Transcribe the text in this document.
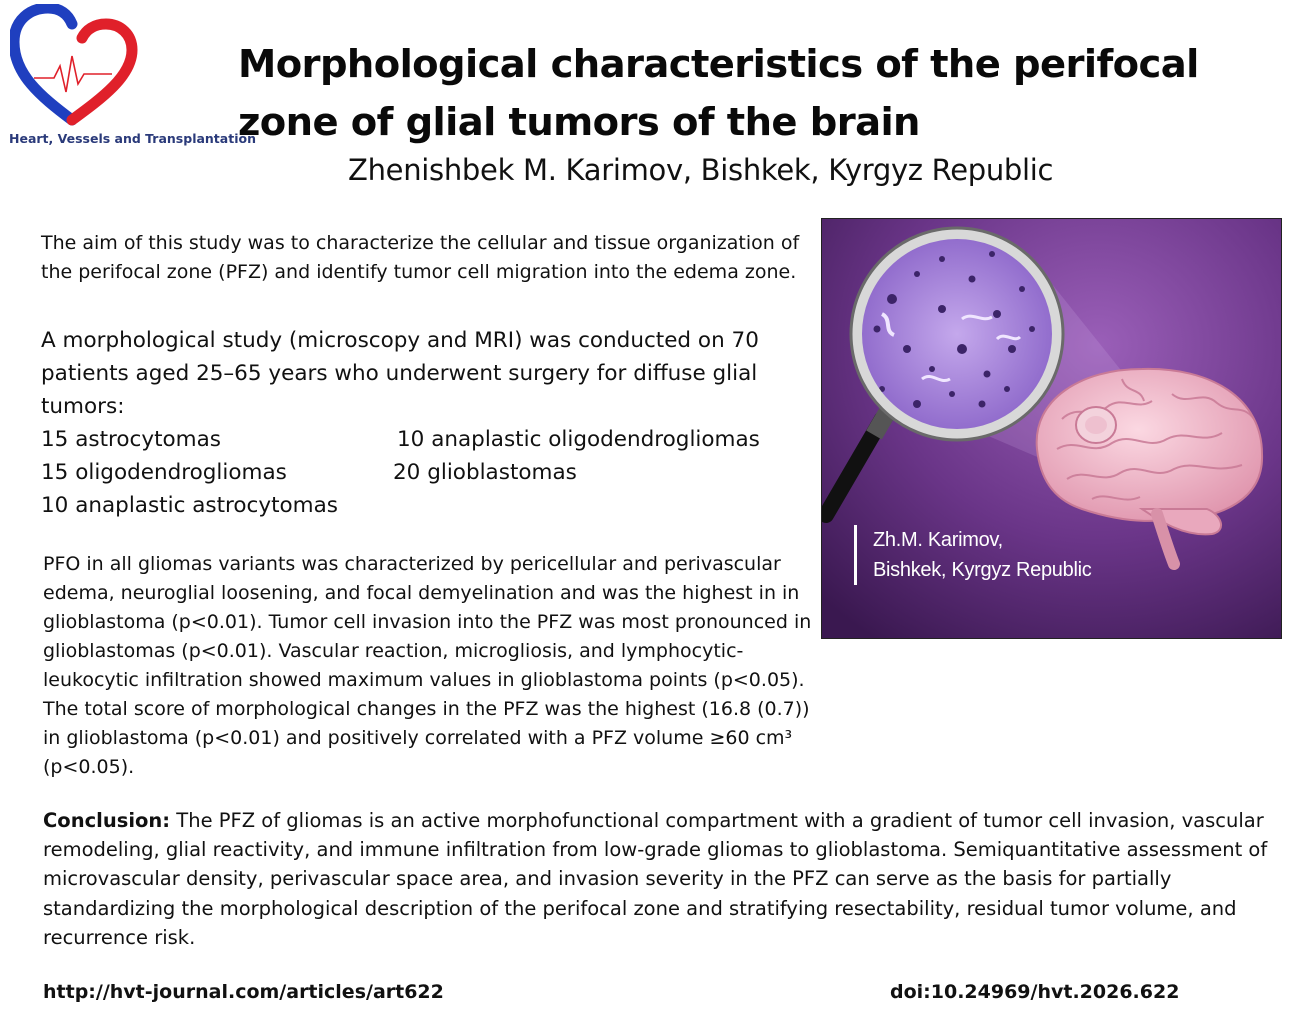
Heart, Vessels and Transplantation
Morphological characteristics of the perifocal zone of glial tumors of the brain
Zhenishbek M. Karimov, Bishkek, Kyrgyz Republic

The aim of this study was to characterize the cellular and tissue organization of the perifocal zone (PFZ) and identify tumor cell migration into the edema zone.

A morphological study (microscopy and MRI) was conducted on 70 patients aged 25–65 years who underwent surgery for diffuse glial tumors:

15 astrocytomas	10 anaplastic oligodendrogliomas
15 oligodendrogliomas	20 glioblastomas
10 anaplastic astrocytomas

PFO in all gliomas variants was characterized by pericellular and perivascular edema, neuroglial loosening, and focal demyelination and was the highest in in glioblastoma (p<0.01). Tumor cell invasion into the PFZ was most pronounced in glioblastomas (p<0.01). Vascular reaction, microgliosis, and lymphocytic-leukocytic infiltration showed maximum values in glioblastoma points (p<0.05). The total score of morphological changes in the PFZ was the highest (16.8 (0.7)) in glioblastoma (p<0.01) and positively correlated with a PFZ volume ≥60 cm³ (p<0.05).

Zh.M. Karimov,
Bishkek, Kyrgyz Republic

Conclusion: The PFZ of gliomas is an active morphofunctional compartment with a gradient of tumor cell invasion, vascular remodeling, glial reactivity, and immune infiltration from low-grade gliomas to glioblastoma. Semiquantitative assessment of microvascular density, perivascular space area, and invasion severity in the PFZ can serve as the basis for partially standardizing the morphological description of the perifocal zone and stratifying resectability, residual tumor volume, and recurrence risk.

http://hvt-journal.com/articles/art622	doi:10.24969/hvt.2026.622
